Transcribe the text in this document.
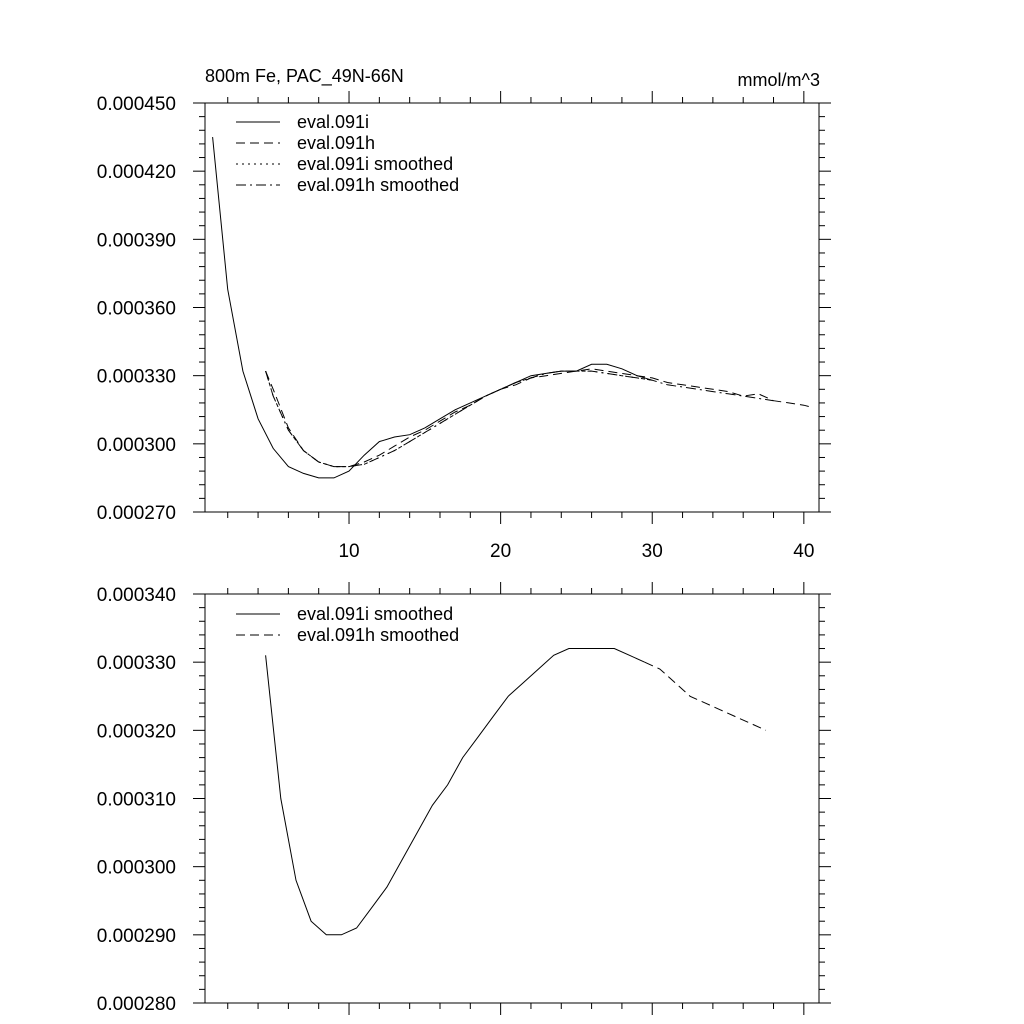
800m Fe, PAC_49N-66N	mmol/m^3
0.000270
0.000300
0.000330
0.000360
0.000390
0.000420
0.000450
10	20	30	40
eval.091i
eval.091h
eval.091i smoothed
eval.091h smoothed
0.000280
0.000290
0.000300
0.000310
0.000320
0.000330
0.000340
eval.091i smoothed
eval.091h smoothed
